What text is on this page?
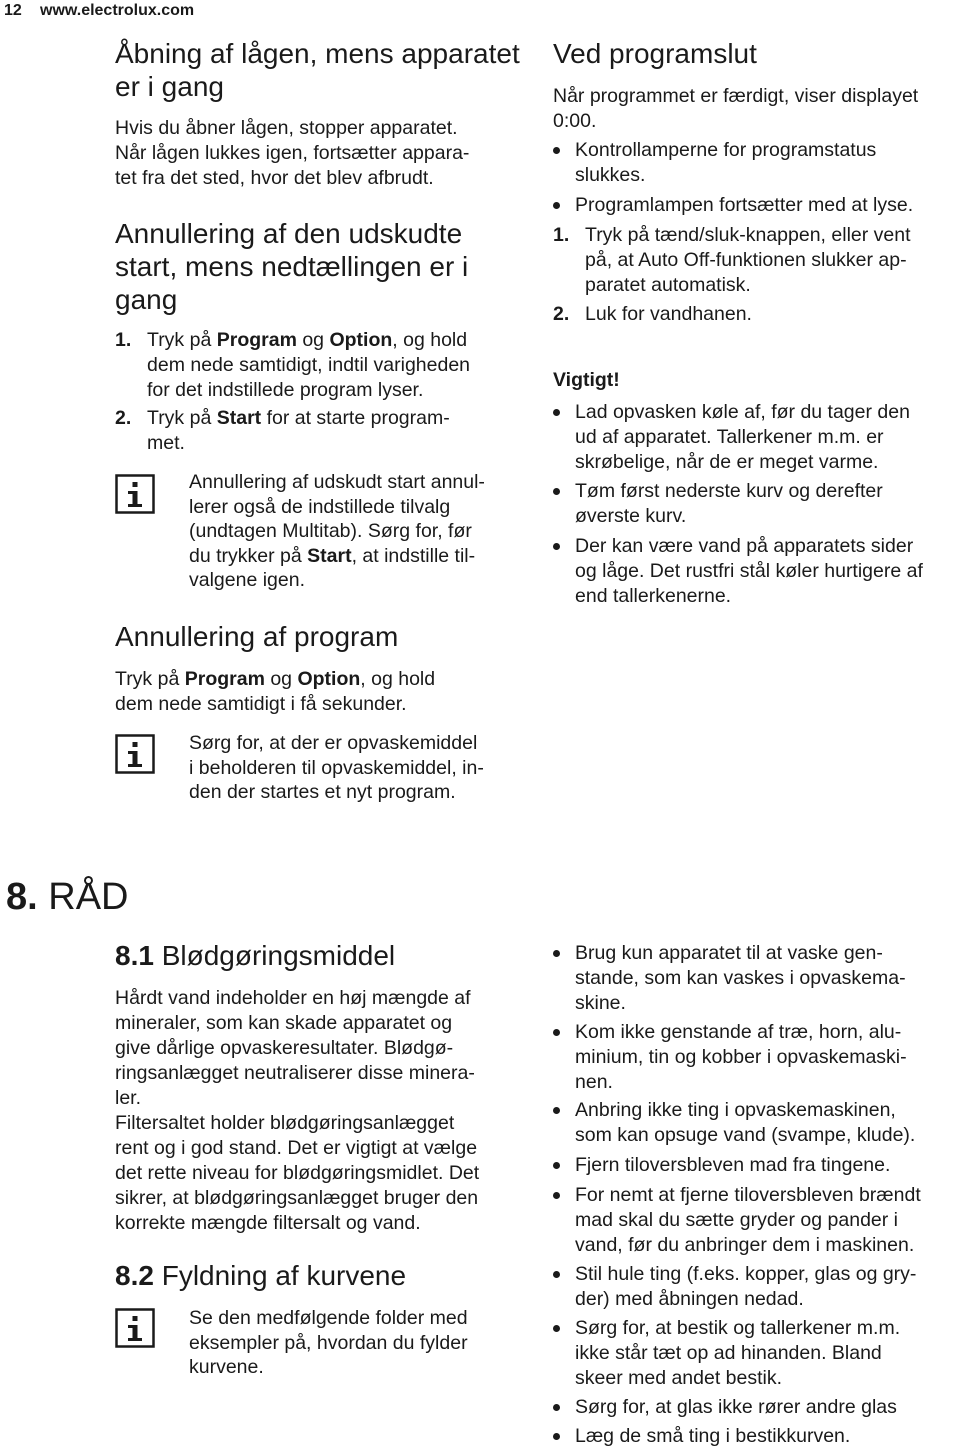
12 www.electrolux.com
Åbning af lågen, mens apparatet
er i gang
Hvis du åbner lågen, stopper apparatet.
Når lågen lukkes igen, fortsætter appara-
tet fra det sted, hvor det blev afbrudt.
Annullering af den udskudte
start, mens nedtællingen er i
gang
1. Tryk på Program og Option, og hold
dem nede samtidigt, indtil varigheden
for det indstillede program lyser.
2. Tryk på Start for at starte program-
met.
Annullering af udskudt start annul-
lerer også de indstillede tilvalg
(undtagen Multitab). Sørg for, før
du trykker på Start, at indstille til-
valgene igen.
Annullering af program
Tryk på Program og Option, og hold
dem nede samtidigt i få sekunder.
Sørg for, at der er opvaskemiddel
i beholderen til opvaskemiddel, in-
den der startes et nyt program.
Ved programslut
Når programmet er færdigt, viser displayet
0:00.
Kontrollamperne for programstatus
slukkes.
Programlampen fortsætter med at lyse.
1. Tryk på tænd/sluk-knappen, eller vent
på, at Auto Off-funktionen slukker ap-
paratet automatisk.
2. Luk for vandhanen.
Vigtigt!
Lad opvasken køle af, før du tager den
ud af apparatet. Tallerkener m.m. er
skrøbelige, når de er meget varme.
Tøm først nederste kurv og derefter
øverste kurv.
Der kan være vand på apparatets sider
og låge. Det rustfri stål køler hurtigere af
end tallerkenerne.
8. RÅD
8.1 Blødgøringsmiddel
Hårdt vand indeholder en høj mængde af
mineraler, som kan skade apparatet og
give dårlige opvaskeresultater. Blødgø-
ringsanlægget neutraliserer disse minera-
ler.
Filtersaltet holder blødgøringsanlægget
rent og i god stand. Det er vigtigt at vælge
det rette niveau for blødgøringsmidlet. Det
sikrer, at blødgøringsanlægget bruger den
korrekte mængde filtersalt og vand.
8.2 Fyldning af kurvene
Se den medfølgende folder med
eksempler på, hvordan du fylder
kurvene.
Brug kun apparatet til at vaske gen-
stande, som kan vaskes i opvaskema-
skine.
Kom ikke genstande af træ, horn, alu-
minium, tin og kobber i opvaskemaski-
nen.
Anbring ikke ting i opvaskemaskinen,
som kan opsuge vand (svampe, klude).
Fjern tiloversbleven mad fra tingene.
For nemt at fjerne tiloversbleven brændt
mad skal du sætte gryder og pander i
vand, før du anbringer dem i maskinen.
Stil hule ting (f.eks. kopper, glas og gry-
der) med åbningen nedad.
Sørg for, at bestik og tallerkener m.m.
ikke står tæt op ad hinanden. Bland
skeer med andet bestik.
Sørg for, at glas ikke rører andre glas
Læg de små ting i bestikkurven.
